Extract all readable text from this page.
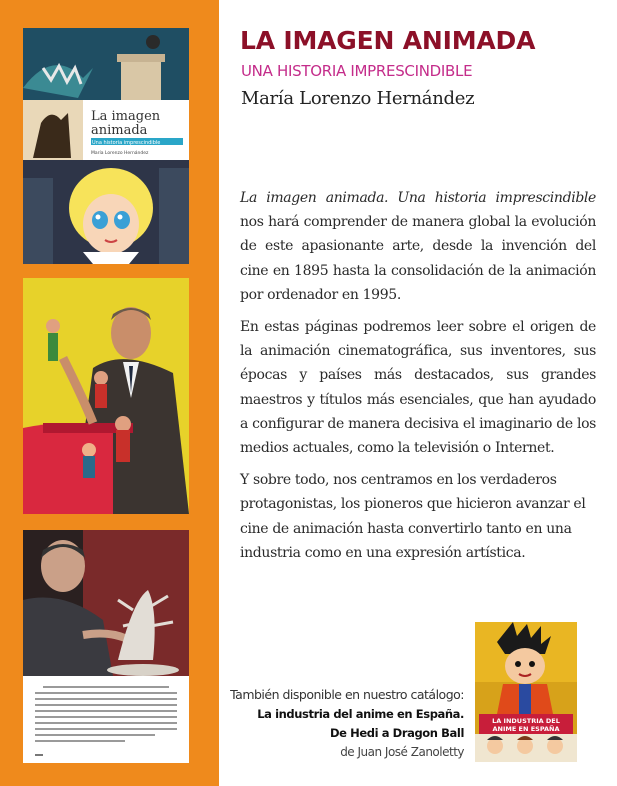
La imagen
animada
Una historia imprescindible
María Lorenzo Hernández
LA IMAGEN ANIMADA
UNA HISTORIA IMPRESCINDIBLE
María Lorenzo Hernández

La imagen animada. Una historia imprescindible nos hará comprender de manera global la evolución de este apasionante arte, desde la invención del cine en 1895 hasta la consolidación de la animación por ordenador en 1995.

En estas páginas podremos leer sobre el origen de la animación cinematográfica, sus inventores, sus épocas y países más destacados, sus grandes maestros y títulos más esenciales, que han ayudado a configurar de manera decisiva el imaginario de los medios actuales, como la televisión o Internet.

Y sobre todo, nos centramos en los verdaderos protagonistas, los pioneros que hicieron avanzar el cine de animación hasta convertirlo tanto en una industria como en una expresión artística.

También disponible en nuestro catálogo:
La industria del anime en España.
De Hedi a Dragon Ball
de Juan José Zanoletty
LA INDUSTRIA DEL
ANIME EN ESPAÑA
